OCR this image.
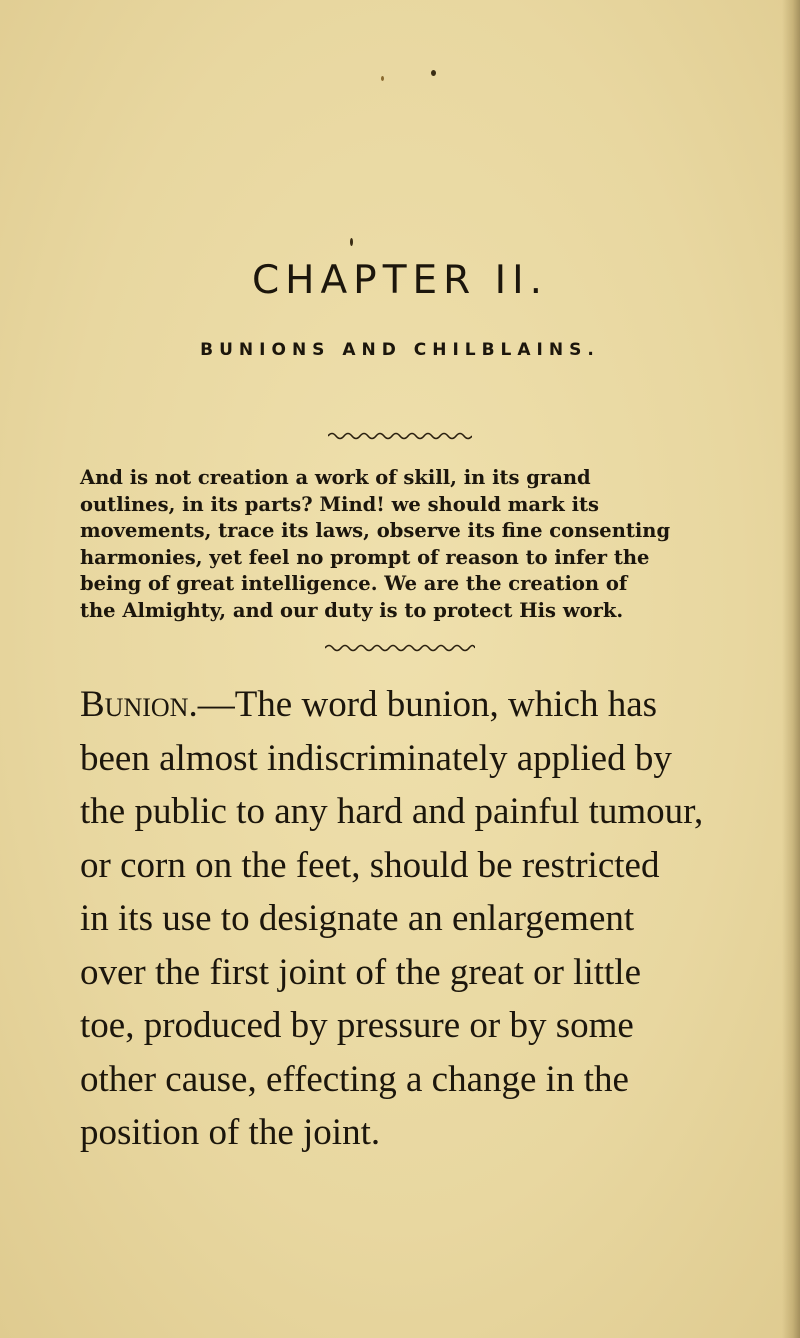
CHAPTER II.
BUNIONS AND CHILBLAINS.
And is not creation a work of skill, in its grand
outlines, in its parts? Mind! we should mark its
movements, trace its laws, observe its fine consenting
harmonies, yet feel no prompt of reason to infer the
being of great intelligence. We are the creation of
the Almighty, and our duty is to protect His work.
Bunion.—The word bunion, which has
been almost indiscriminately applied by
the public to any hard and painful tumour,
or corn on the feet, should be restricted
in its use to designate an enlargement
over the first joint of the great or little
toe, produced by pressure or by some
other cause, effecting a change in the
position of the joint.
